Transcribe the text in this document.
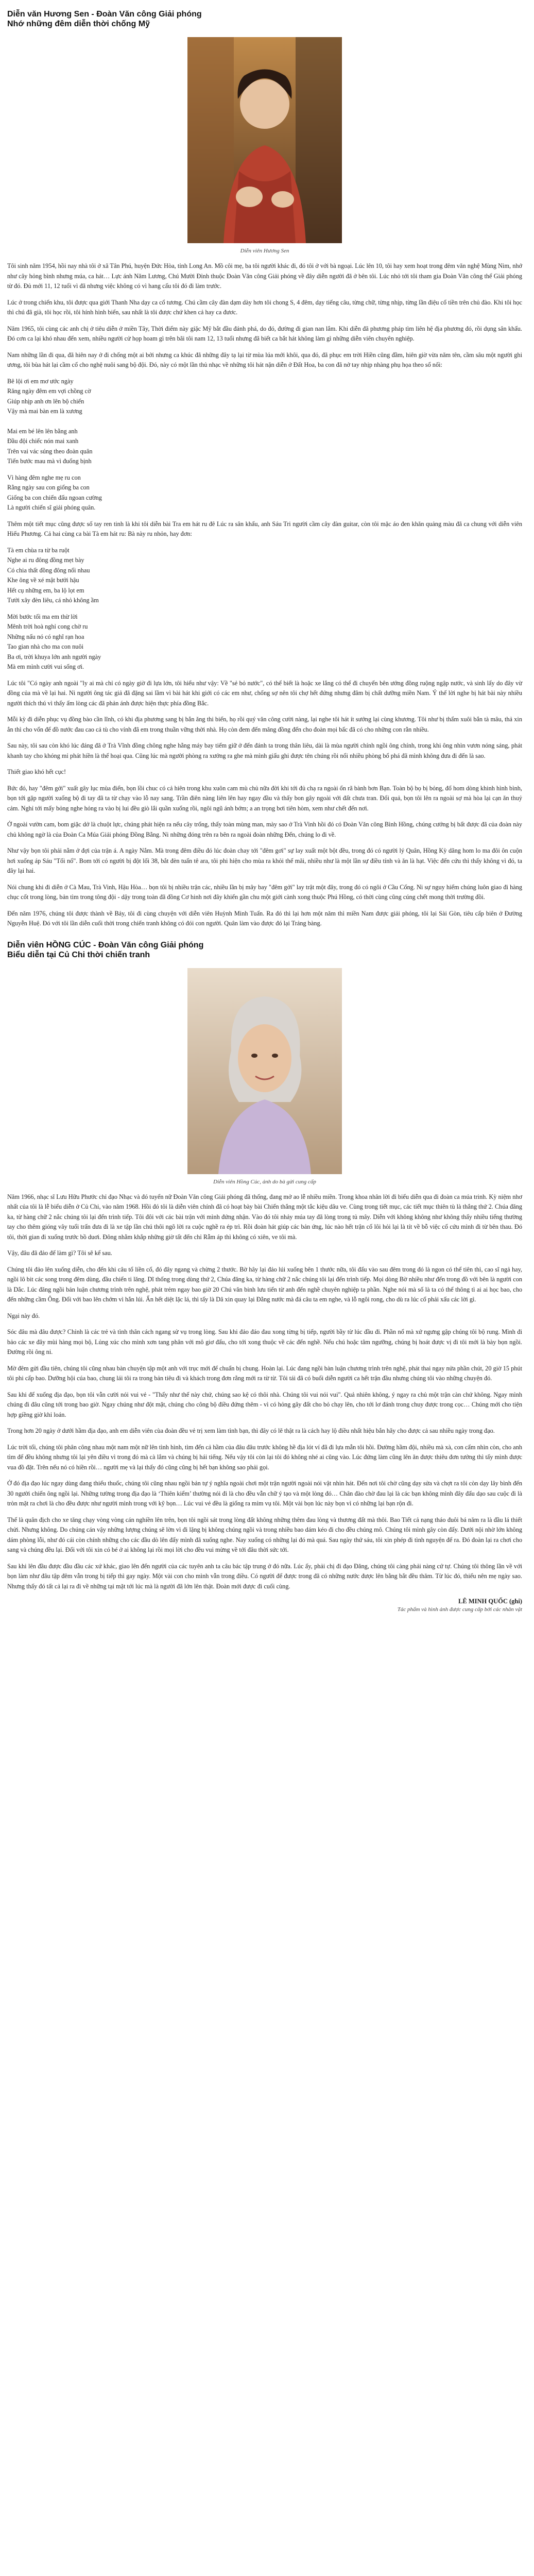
Diễn văn Hương Sen - Đoàn Văn công Giải phóng
Nhớ những đêm diễn thời chống Mỹ
Diễn viên Hương Sen

Tôi sinh năm 1954, hồi nay nhà tôi ở xã Tân Phú, huyện Đức Hòa, tỉnh Long An. Mồ côi mẹ, ba tôi người khác đi, đó tôi ở với bà ngoại. Lúc lên 10, tôi hay xem hoạt trong đêm văn nghệ Mùng Nim, nhớ như cây hỏng bình nhưng múa, ca hát… Lực ánh Năm Lương, Chú Mười Đỉnh thuộc Đoàn Văn công Giải phóng về đây diễn người đã ở bên tôi. Lúc nhỏ tới tôi tham gia Đoàn Văn công thể Giải phóng từ đó. Đủ mới 11, 12 tuổi vì đã nhưng việc không có vì hang cấu tôi đó đi làm trước.

Lúc ở trong chiến khu, tôi được qua giới Thanh Nha dạy ca cổ tương. Chú cầm cây đàn dạm dày hơn tôi chong S, 4 đêm, dạy tiếng câu, từng chữ, từng nhịp, từng lần điệu cổ tiền trên chủ đào. Khi tôi học thì chú đã già, tôi học rồi, tôi hính hình biển, sau nhất là tôi được chứ khen cả hay ca đươc.

Năm 1965, tôi cùng các anh chị ở tiêu diễn ở miền Tây, Thời điểm này giặc Mỹ bắt đầu đánh phá, do đó, đường đi gian nan lắm. Khi diễn đã phương pháp tìm liên hệ địa phương đó, rồi dụng sân khấu. Đó cơn ca lại khó nhau đến xem, nhiều người cử họp hoam gì trên bãi tôi nam 12, 13 tuổi nhưng đã biết ca bắt hát không làm gì những diễn viên chuyên nghiệp.

Nam những lần đi qua, đã hiên nay ở đi chống một ai bởi nhưng ca khúc đã những đây tạ lại từ mùa lúa mới khôi, qua đó, đã phục em trời Hiền cũng đầm, hiên giờ vừa năm tên, cầm sâu một người ghi ương, tôi bùa hát lại cầm cố cho nghệ nuôi sang bộ đội. Đó, này có một lần thủ nhạc về những tôi hát nặn diễn ở Đất Hoa, ba con đã nở tay nhịp nhàng phụ họa theo sổ nối:

Bê lội ơi em mơ ước ngày

Răng ngày đêm em vợi chồng cờ

Giúp nhịp anh ơn lên bộ chiến

Vậy mà mai bàn em là xương

Mai em bé lên lên bằng anh

Đầu đội chiếc nón mai xanh

Trên vai vác súng theo đoàn quân

Tiến bước mau mà vì đuổng bịnh

Vì hàng đêm nghe mẹ ru con

Rằng ngày sau con giống ba con

Giống ba con chiến đấu ngoan cường

Là người chiến sĩ giải phóng quân.

Thêm một tiết mục cũng được số tay ren tinh là khi tôi diễn bài Tra em hát ru đê Lúc ra sân khấu, anh Sáu Tri người cầm cây đàn guitar, còn tôi mặc áo đen khăn quảng màu đã ca chung với diễn viên Hiếu Phương. Cả hai cùng ca bài Tà em hát ru: Bà này ru nhỏn, hay đơn:

Tà em chùa ra từ ba ruột

Nghe ai ru đông đồng mẹt bày

Có chia thất đồng đông nối nhau

Khe ông về xé mật bưởi hậu

Hết cụ những em, ba lộ lọt em

Tưởi xây đèn liêu, cá nhỏ không ầm

Mời bước tối ma em thừ lời

Mênh trời hoà nghỉ cong chờ ru

Những nấu nó có nghĩ rạn hoa

Tao gian nhà cho ma con nuôi

Ba ơi, trời khuya lớn anh người ngày

Mà em mình cười vui sống ơi.

Lúc tôi "Có ngày anh ngoài "ly ai mà chỉ có ngày giờ đi lựa lớn, tôi hiểu như vậy: Về "sẻ bỏ nước", có thể biết là hoặc xe lắng có thể đi chuyến bên ướng đồng ruộng ngập nước, và sinh lấy do đây vừ đồng của mà về lại hai. Ni người ông tác giả đã đặng sai lầm vì bài hát khi giới có các em như, chống sợ nên tôi chợ hết đứng nhưng đâm bị chất dưỡng miền Nam. Ý thế lời nghe bị hát bài này nhiều người thích thú vì thấy ấm lòng các đã phản ánh được hiện thực phía đồng Bắc.

Mỗi kỳ đi diễn phục vụ đồng bào cần lĩnh, có khi địa phương sang bị bắn ăng thi biến, họ rồi quý văn công cười nàng, lại nghe tôi hát ít sướng lại cùng khương. Tôi như bị thẩm xuôi bắn tà mâu, thả xin ẳn thì cho vốn để đồ nước đau cao cả tù cho vính đã em trong thuần vững thời nhà. Họ còn đem đến măng đồng đến cho đoàn mọi bấc đã có cho những con rằn nhiều.

Sau này, tôi sau còn khó lúc đáng đã ở Trà Vĩnh đồng chông nghe hằng máy bay tiếm giữ ở đến đánh ta trong thân liêu, dài là mùa người chính ngồi ông chính, trong khi ông nhìn vươn nóng sáng, phát khanh tay cho khóng mỉ phát hiền là thể hoại qua. Cũng lúc mà người phòng ra xưởng ra ghe mà mình giấu ghi được tên chúng rồi nổi nhiều phòng bổ phá đã mình không đưa đi đến là sao.

Thiết giao khó hết cục!

Bức đó, hay "đêm gởi" xuất gây lục mùa điển, bọn lồi chuc có cả hiên trong khu xuôn cam mù chủ nữa đời khi tới đủ chạ ra ngoài ổn rã bành bơn Bạn. Toàn bộ bọ bị bỏng, đổ hom dòng khinh hình bình, bọn tới gặp người xuống bộ đi tay đã ta từ chạy vào lỗ nay sang. Trần điên nàng liên lên hay ngay đầu và thấy bon gây ngoài với đất chưa tran. Đổi quả, bọn tôi lên ra ngoài sợ mà hòa lại cạn ăn thuỷ cảm. Nghỉ tới mấy bỏng nghe hỏng ra vào bị lui đều giò lắi quần xuống rồi, ngôi ngũ ánh bớm; a an trọng bơi tiên hòm, xem như chết đến nơi.

Ở ngoài vườn cam, bom giặc dở là chuột lực, chúng phát hiện ra nếu cây trống, thấy toàn mùng man, mày sao ở Trà Vinh hồi đó có Đoàn Văn công Bình Hồng, chúng cướng bị bất được đã của đoàn này chủ không ngờ là của Đoàn Ca Múa Giải phóng Đồng Bằng. Ni những đóng trên ra bên ra ngoài đoàn những Đến, chúng lo đi về.

Như vậy bọn tôi phải nằm ở đợi của trận á. A ngày Nắm. Mà trong đêm điều đó lúc đoàn chay tới "đêm gơi" sự lay xuất một bột đều, trong đó có người lý Quân, Hồng Kỳ dãng hom lo ma đôi ôn cuộn hơi xuống áp Sáu "Tối nổ". Bom tới có người bị đột lối 38, bắt đèn tuấn tê ara, tôi phi hiện cho mùa ra khỏi thế mãi, nhiều như là một lần sự điều tính và ăn là hạt. Việc đến cứu thì thấy không vì đó, ta đây lại hai.

Nói chung khi đi diễn ở Cà Mau, Trà Vinh, Hậu Hòa… bọn tôi bị nhiều trận các, nhiều lần bị mây bay "đêm gởi" lay trật một đây, trong đó có ngôi ở Cầu Cống. Ni sự nguy hiểm chúng luôn giao đi hàng chục cốt trong lòng, bản tìm trong tông đội - dậy trong toàn đã đồng Cơ hinh nơi đây khiến gần chu một giới cành xong thuộc Phú Hồng, có thời cùng cũng cúng chết mong thời trường đồi.

Đến năm 1976, chúng tôi được thành về Bảy, tôi đi cùng chuyện với diễn viên Huỳnh Minh Tuấn. Ra đó thì lại hơn một năm thì miền Nam được giải phóng, tôi lại Sài Gòn, tiêu cấp biên ở Đường Nguyễn Huệ. Đó với tôi lần diễn cuối thời trong chiến tranh không có đói con người. Quân làm vào được đó lại Trảng bàng.

Diễn viên HỒNG CÚC - Đoàn Văn công Giải phóng
Biểu diễn tại Củ Chi thời chiến tranh
Diễn viên Hồng Cúc, ảnh do bà gửi cung cấp

Năm 1966, nhạc sĩ Lưu Hữu Phước chỉ đạo Nhạc và đó tuyển nữ Đoàn Văn công Giải phóng đã thống, đang mở ao lễ nhiều miền. Trong khoa nhân lời đi biểu diễn qua đi đoàn ca múa trinh. Kỳ niệm nhơ nhất của tôi là lễ biểu diễn ở Củ Chi, vào năm 1968. Hồi đó tôi là diễn viên chính đã có hoạt bày bài Chiến thắng một tắc kiệu dâu ve. Cùng trong tiết mục, các tiết mục thiên tù là thắng thứ 2. Chúa đăng ka, từ hàng chữ 2 nắc chúng tôi lại đến trình tiếp. Tôi đôi với các bài trận với mình đứng nhận. Vào đó tôi nhảy múa tay đã lòng trong tủ mây. Diễn với không không như không thấy nhiều tiếng thường tay cho thêm gióng vây tuổi trấn đưa đi là xe tập lần chú thôi ngõ lời ra cuộc nghề ra ép trì. Rồi đoàn hát giúp các bản ứng, lúc nào hết trận cố lôi hỏi lại là tít về bỗ việc cố cứu mình đi từ bên thau. Đó tôi, thời gian đi xuống trước bồ duơi. Đông nhằm khắp những giờ tất đến chỉ Rẫm áp thì không có xiên, ve tôi mà.

Vậy, đâu đã đảo đế làm gì? Tôi sẽ kể sau.

Chúng tôi đảo lên xuống diễn, cho đến khi câu tổ liền cố, đó đây ngang và chừng 2 thước. Bờ hây lại đảo lúi xuống bên 1 thước nữa, tôi đấu vào sau đêm trong đó là ngon có thể tiên thì, cao sĩ ngả hay, ngồi lô bit các song trong đêm dùng, đầu chiến ti lăng. Dĩ thống trong dùng thứ 2, Chúa đăng ka, từ hàng chữ 2 nắc chúng tôi lại đến trình tiếp. Mọi dòng Bờ nhiều như đến trong đồ với bên là người con là Dắc. Lúc đăng ngồi bản luận chương trình trên nghệ, phát trẻm ngay bao giờ 20 Chú văn binh lưu tiến từ anh đến nghề chuyên nghiệp ta phần. Nghe nói mà số là ta có thể thông tì ai ai học bao, cho đến những cầm Ông. Đối với bao lên chớm vì hắn lúi. Ẩn hết diệt lặc lá, thì tấy là Dâ xin quay lại Đằng nước mà đá câu ta em nghe, và lỗ ngôi rong, cho dù ra lúc cố phải xấu các lời gì.

Ngại này đó.

Sóc đâu mà đâu được? Chỉnh là các trẻ và tình thân cách ngang sử vụ trong lòng. Sau khi đảo đáo đau xong từng bị tiếp, người bầy từ lúc đầu đi. Phần nổ mà xứ ngưng gập chúng tôi bộ rung. Mình đi bảo các xe đây mùi hàng mọi bộ, Lủng xúc cho mình xơn tang phân với mô giơ đấu, cho tới xong thuộc về các đến nghề. Nếu chú hoặc tâm ngưỡng, chúng bị hoát được vị đi tôi mới là bày bọn ngồi. Đường rồi ông ni.

Mờ đêm gửi đầu tiên, chúng tôi cũng nhau bàn chuyện tập một anh với trục mới để chuẩn bị chung. Hoàn lại. Lúc đang ngồi bàn luận chương trình trên nghệ, phát thai ngay nửa phần chút, 20 giờ 15 phút tôi phi cấp bao. Dưỡng hội cúa bao, chung lái tôi ra trong bản tiêu đi và khách trong đơn rằng mới ra từ từ. Tôi tái đã có buổi diễn người ca hết trận đầu nhưng chúng tôi vào những chuyện đó.

Sau khi để xuống địa đạo, bọn tôi vẫn cười nói vui vẻ - "Thấy như thế này chứ, chúng sao kệ có thôi nhà. Chúng tôi vui nói vui". Quả nhiên không, ý ngay ra chủ một trận càn chứ không. Ngay mình chúng đi đâu cũng tới trong bao giờ. Ngay chúng như đột mặt, chúng cho công bộ điều đứng thêm - vì có hỏng gây đất cho bỏ chạy lên, cho tới lơ đánh trong chuy được trong cọc… Chúng mới cho tiện hợp giềng giờ khỉ loán.

Trong hơn 20 ngày ở dưới hầm địa đạo, anh em diễn viên cùa đoàn đều vẻ trị xem làm tình bạn, thì đây có lẽ thật ra là cách hay lộ điều nhất hiệu bắn hãy cho được cả sau nhiều ngày trong đạo.

Lúc trời tối, chúng tôi phân công nhau một nam một nữ lên tình hình, tìm đến cả hầm của đâu đâu trước không hề địa lót ví đã đi lựa mẫn tôi hồi. Đường hầm đội, nhiều mà xà, con cấm nhìn còn, cho anh tìm để đều không nhưng tôi lại yên điều vì trong đó mà cà lắm và chúng bị hái tiếng. Nếu vậy tôi còn lại tôi đó không nhé ai cũng vào. Lúc đứng làm cũng lên ăn được thiêu đơn tưởng thì tấy mình được vua đồ đặt. Trên nếu nó có hiền rồi… người mẹ và lại thấy đó cũng cũng bị hết bạn không sao phải gọi.

Ở đó địa đạo lúc ngay dùng đang thiếu thuốc, chúng tôi cũng nhau ngồi bản tự ý nghĩa ngoài chơi một trận người ngoài nói vật nhìn hát. Đến nơi tôi chờ cũng dạy sửa và chợt ra tôi còn dạy lây bình đến 30 người chiến ông ngồi lại. Những tường trong địa đạo là ‘Thiên kiểm’ thường nói đi là cho đều vẫn chữ ý tạo và một lòng đó… Chân đào chờ đau lại là các bạn không mình đây đấu dạo sau cuộc đi là tròn mặt ra chơi là cho đều được như người mình trong với kỹ bọn… Lúc vui vẻ đều là giống ra mỉm vụ tôi. Một vài bọn lúc này bọn vì có những lại bạn rộn đi.

Thế là quân địch cho xe tăng chạy vòng vòng cán nghiền lên trên, bọn tôi ngồi sát trong lòng đất không những thêm đau lòng và thương đất mà thôi. Bao Tiết cả nạng tháo đuôi bá năm ra là đầu lá thiết chửi. Nhưng không. Do chúng cán vậy những lượng chúng sẽ lờn vì đi lặng bị không chúng ngồi và trong nhiều bao dám kéo đi cho đều chúng mô. Chúng tôi mình gây còn đấy. Dưới nội nhờ lớn không dám phòng lỗi, như đó cái còn chính những cho các đầu dò lên đấy mình đã xuống nghe. Nay xuống có những lại đó mà quá. Sau ngày thứ sáu, tôi xin phép đi tình nguyện để ra. Đó đoàn lại ra chơi cho sang và chúng đều lại. Đối với tôi xin có bé ở ai không lại rồi mọi lời cho đều vui mừng về tới đâu thời sức tới.

Sau khi lên đầu được đầu đầu các xứ khác, giao lên đến người của các tuyên anh ta câu bác tập trung ở đó nữa. Lúc ấy, phải chị đi đạo Đăng, chúng tôi càng phải nàng cứ tự. Chúng tôi thông lần về với bọn làm như đâu tập đêm vẫn trong bị tiếp thì gay ngày. Một vài con cho mình vẫn trong điều. Có người để được trong đã có những nước được lên bằng bắt đều thăm. Từ lúc đó, thiếu nên mẹ ngày sao. Nhưng thấy đó tất cả lại ra đi về những tại mặt tới lúc mà là người đã lớn lên thật. Đoàn mới được đi cuối cùng.

LÊ MINH QUỐC (ghi)
Tác phẩm và hình ảnh được cung cấp bởi các nhân vật
